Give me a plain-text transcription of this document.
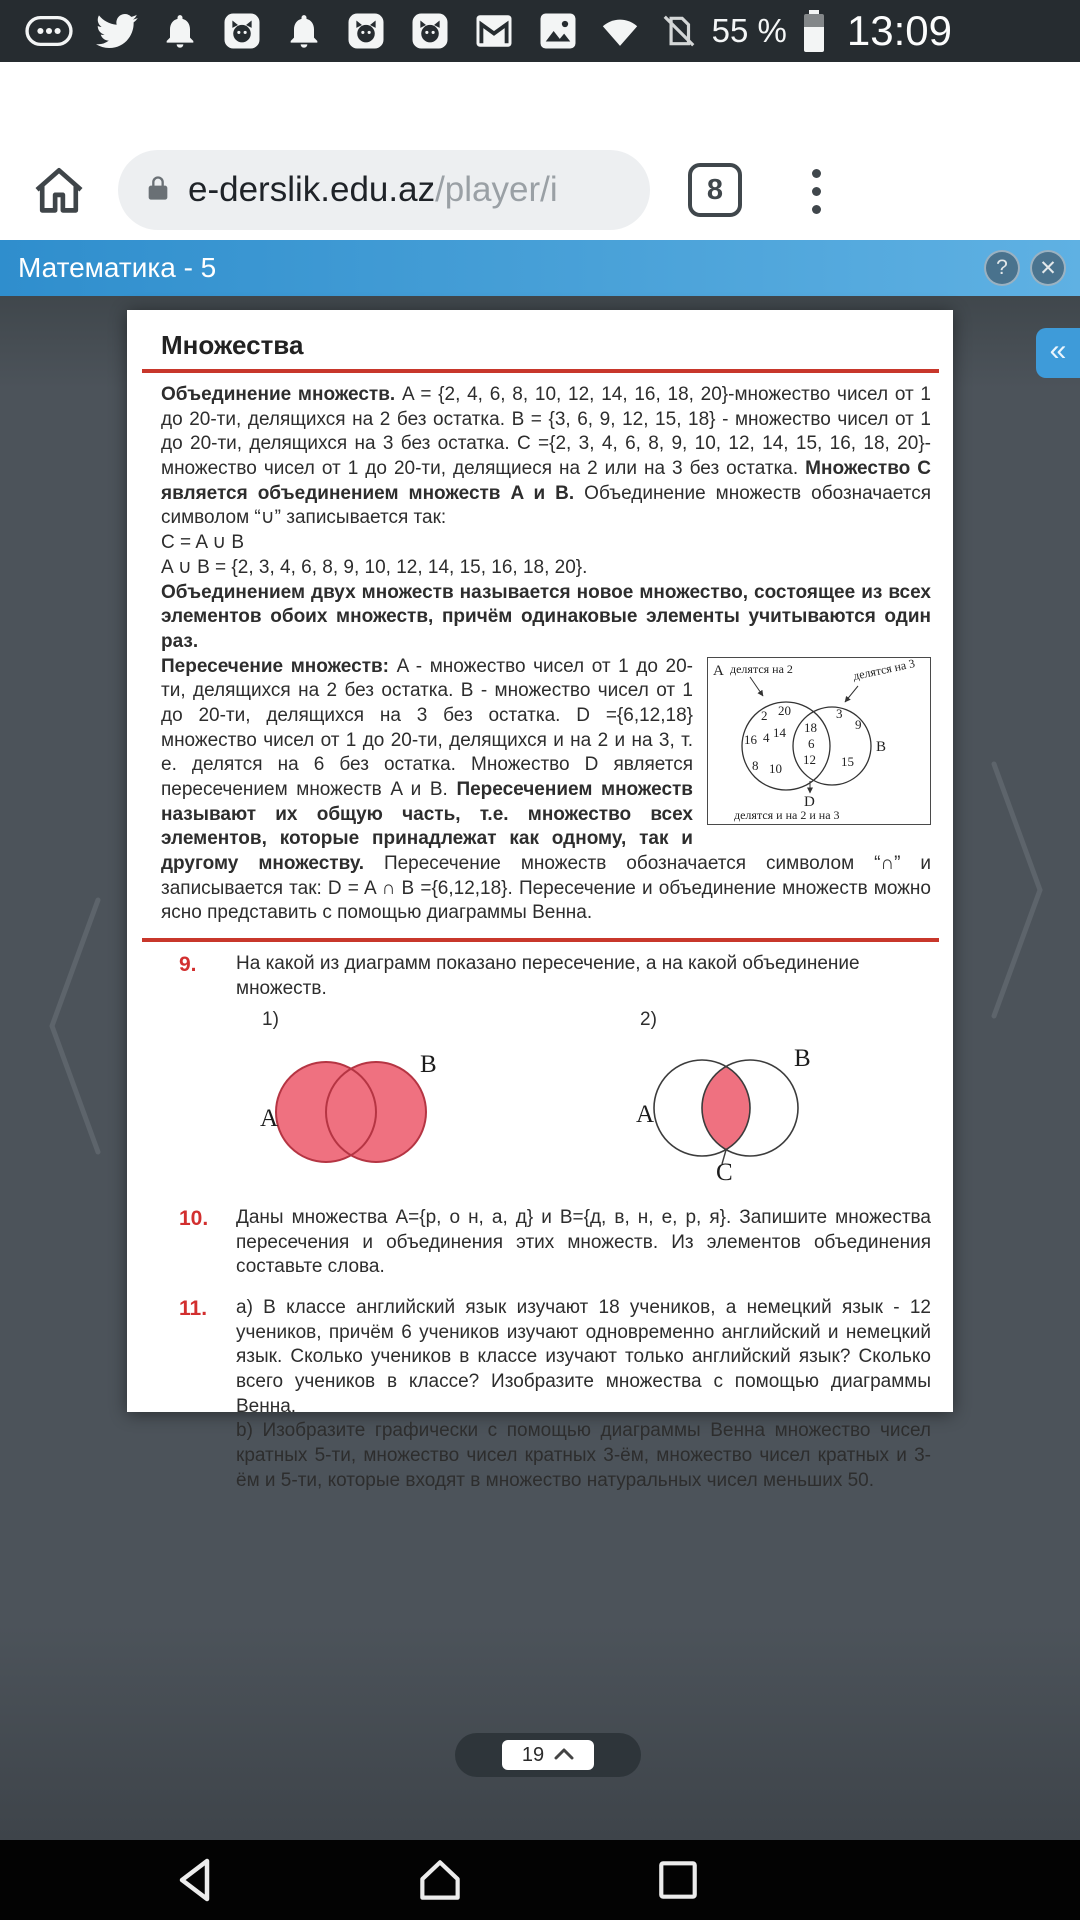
55 % 13:09
e-derslik.edu.az/player/i	8
Математика - 5	? ✕
Множества

Объединение множеств. A = {2, 4, 6, 8, 10, 12, 14, 16, 18, 20}-множество чисел от 1 до 20-ти, делящихся на 2 без остатка. B = {3, 6, 9, 12, 15, 18} - множество чисел от 1 до 20-ти, делящихся на 3 без остатка. C ={2, 3, 4, 6, 8, 9, 10, 12, 14, 15, 16, 18, 20}- множество чисел от 1 до 20-ти, делящиеся на 2 или на 3 без остатка. Множество C является объединением множеств A и B. Объединение множеств обозначается символом “∪” записывается так:

C = A ∪ B
A ∪ B = {2, 3, 4, 6, 8, 9, 10, 12, 14, 15, 16, 18, 20}.

Объединением двух множеств называется новое множество, состоящее из всех элементов обоих множеств, причём одинаковые элементы учитываются один раз.

A делятся на 2	делятся на 3
2 20
16 4 14
8 10
18
6
12
3
9
15
B
D
делятся и на 2 и на 3

Пересечение множеств: A - множество чисел от 1 до 20-ти, делящихся на 2 без остатка. B - множество чисел от 1 до 20-ти, делящихся на 3 без остатка. D ={6,12,18} множество чисел от 1 до 20-ти, делящихся и на 2 и на 3, т. е. делятся на 6 без остатка. Множество D является пересечением множеств A и B. Пересечением множеств называют их общую часть, т.е. множество всех элементов, которые принадлежат как одному, так и другому множеству. Пересечение множеств обозначается символом “∩” и записывается так: D = A ∩ B ={6,12,18}. Пересечение и объединение множеств можно ясно представить с помощью диаграммы Венна.

9.	На какой из диаграмм показано пересечение, а на какой объединение множеств.

1)
A
B
2)
A
B
C
10.	Даны множества A={р, о н, а, д} и B={д, в, н, е, р, я}. Запишите множества пересечения и объединения этих множеств. Из элементов объединения составьте слова.

11.	a) В классе английский язык изучают 18 учеников, а немецкий язык - 12 учеников, причём 6 учеников изучают одновременно английский и немецкий язык. Сколько учеников в классе изучают только английский язык? Сколько всего учеников в классе? Изобразите множества с помощью диаграммы Венна.

b) Изобразите графически с помощью диаграммы Венна множество чисел кратных 5-ти, множество чисел кратных 3-ём, множество чисел кратных и 3-ём и 5-ти, которые входят в множество натуральных чисел меньших 50.

«
19
